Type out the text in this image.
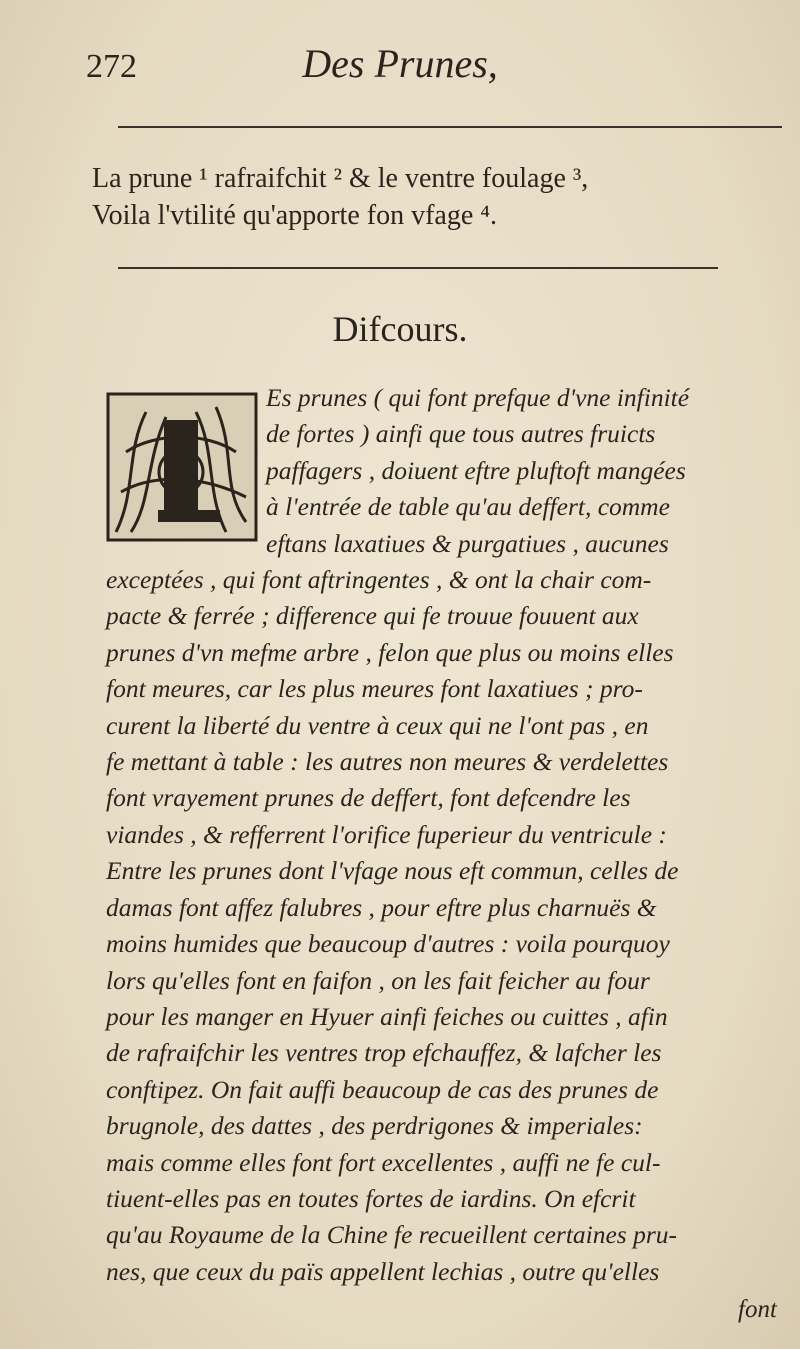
272	Des Prunes,
La prune ¹ rafraifchit ² & le ventre foulage ³,
Voila l'vtilité qu'apporte fon vfage ⁴.
Difcours.
Es prunes ( qui font prefque d'vne infinité
de fortes ) ainfi que tous autres fruicts
paffagers , doiuent eftre pluftoft mangées
à l'entrée de table qu'au deffert, comme
eftans laxatiues & purgatiues , aucunes
exceptées , qui font aftringentes , & ont la chair com-
pacte & ferrée ; difference qui fe trouue fouuent aux
prunes d'vn mefme arbre , felon que plus ou moins elles
font meures, car les plus meures font laxatiues ; pro-
curent la liberté du ventre à ceux qui ne l'ont pas , en
fe mettant à table : les autres non meures & verdelettes
font vrayement prunes de deffert, font defcendre les
viandes , & refferrent l'orifice fuperieur du ventricule :
Entre les prunes dont l'vfage nous eft commun, celles de
damas font affez falubres , pour eftre plus charnuës &
moins humides que beaucoup d'autres : voila pourquoy
lors qu'elles font en faifon , on les fait feicher au four
pour les manger en Hyuer ainfi feiches ou cuittes , afin
de rafraifchir les ventres trop efchauffez, & lafcher les
conftipez. On fait auffi beaucoup de cas des prunes de
brugnole, des dattes , des perdrigones & imperiales:
mais comme elles font fort excellentes , auffi ne fe cul-
tiuent-elles pas en toutes fortes de iardins. On efcrit
qu'au Royaume de la Chine fe recueillent certaines pru-
nes, que ceux du païs appellent lechias , outre qu'elles
font
